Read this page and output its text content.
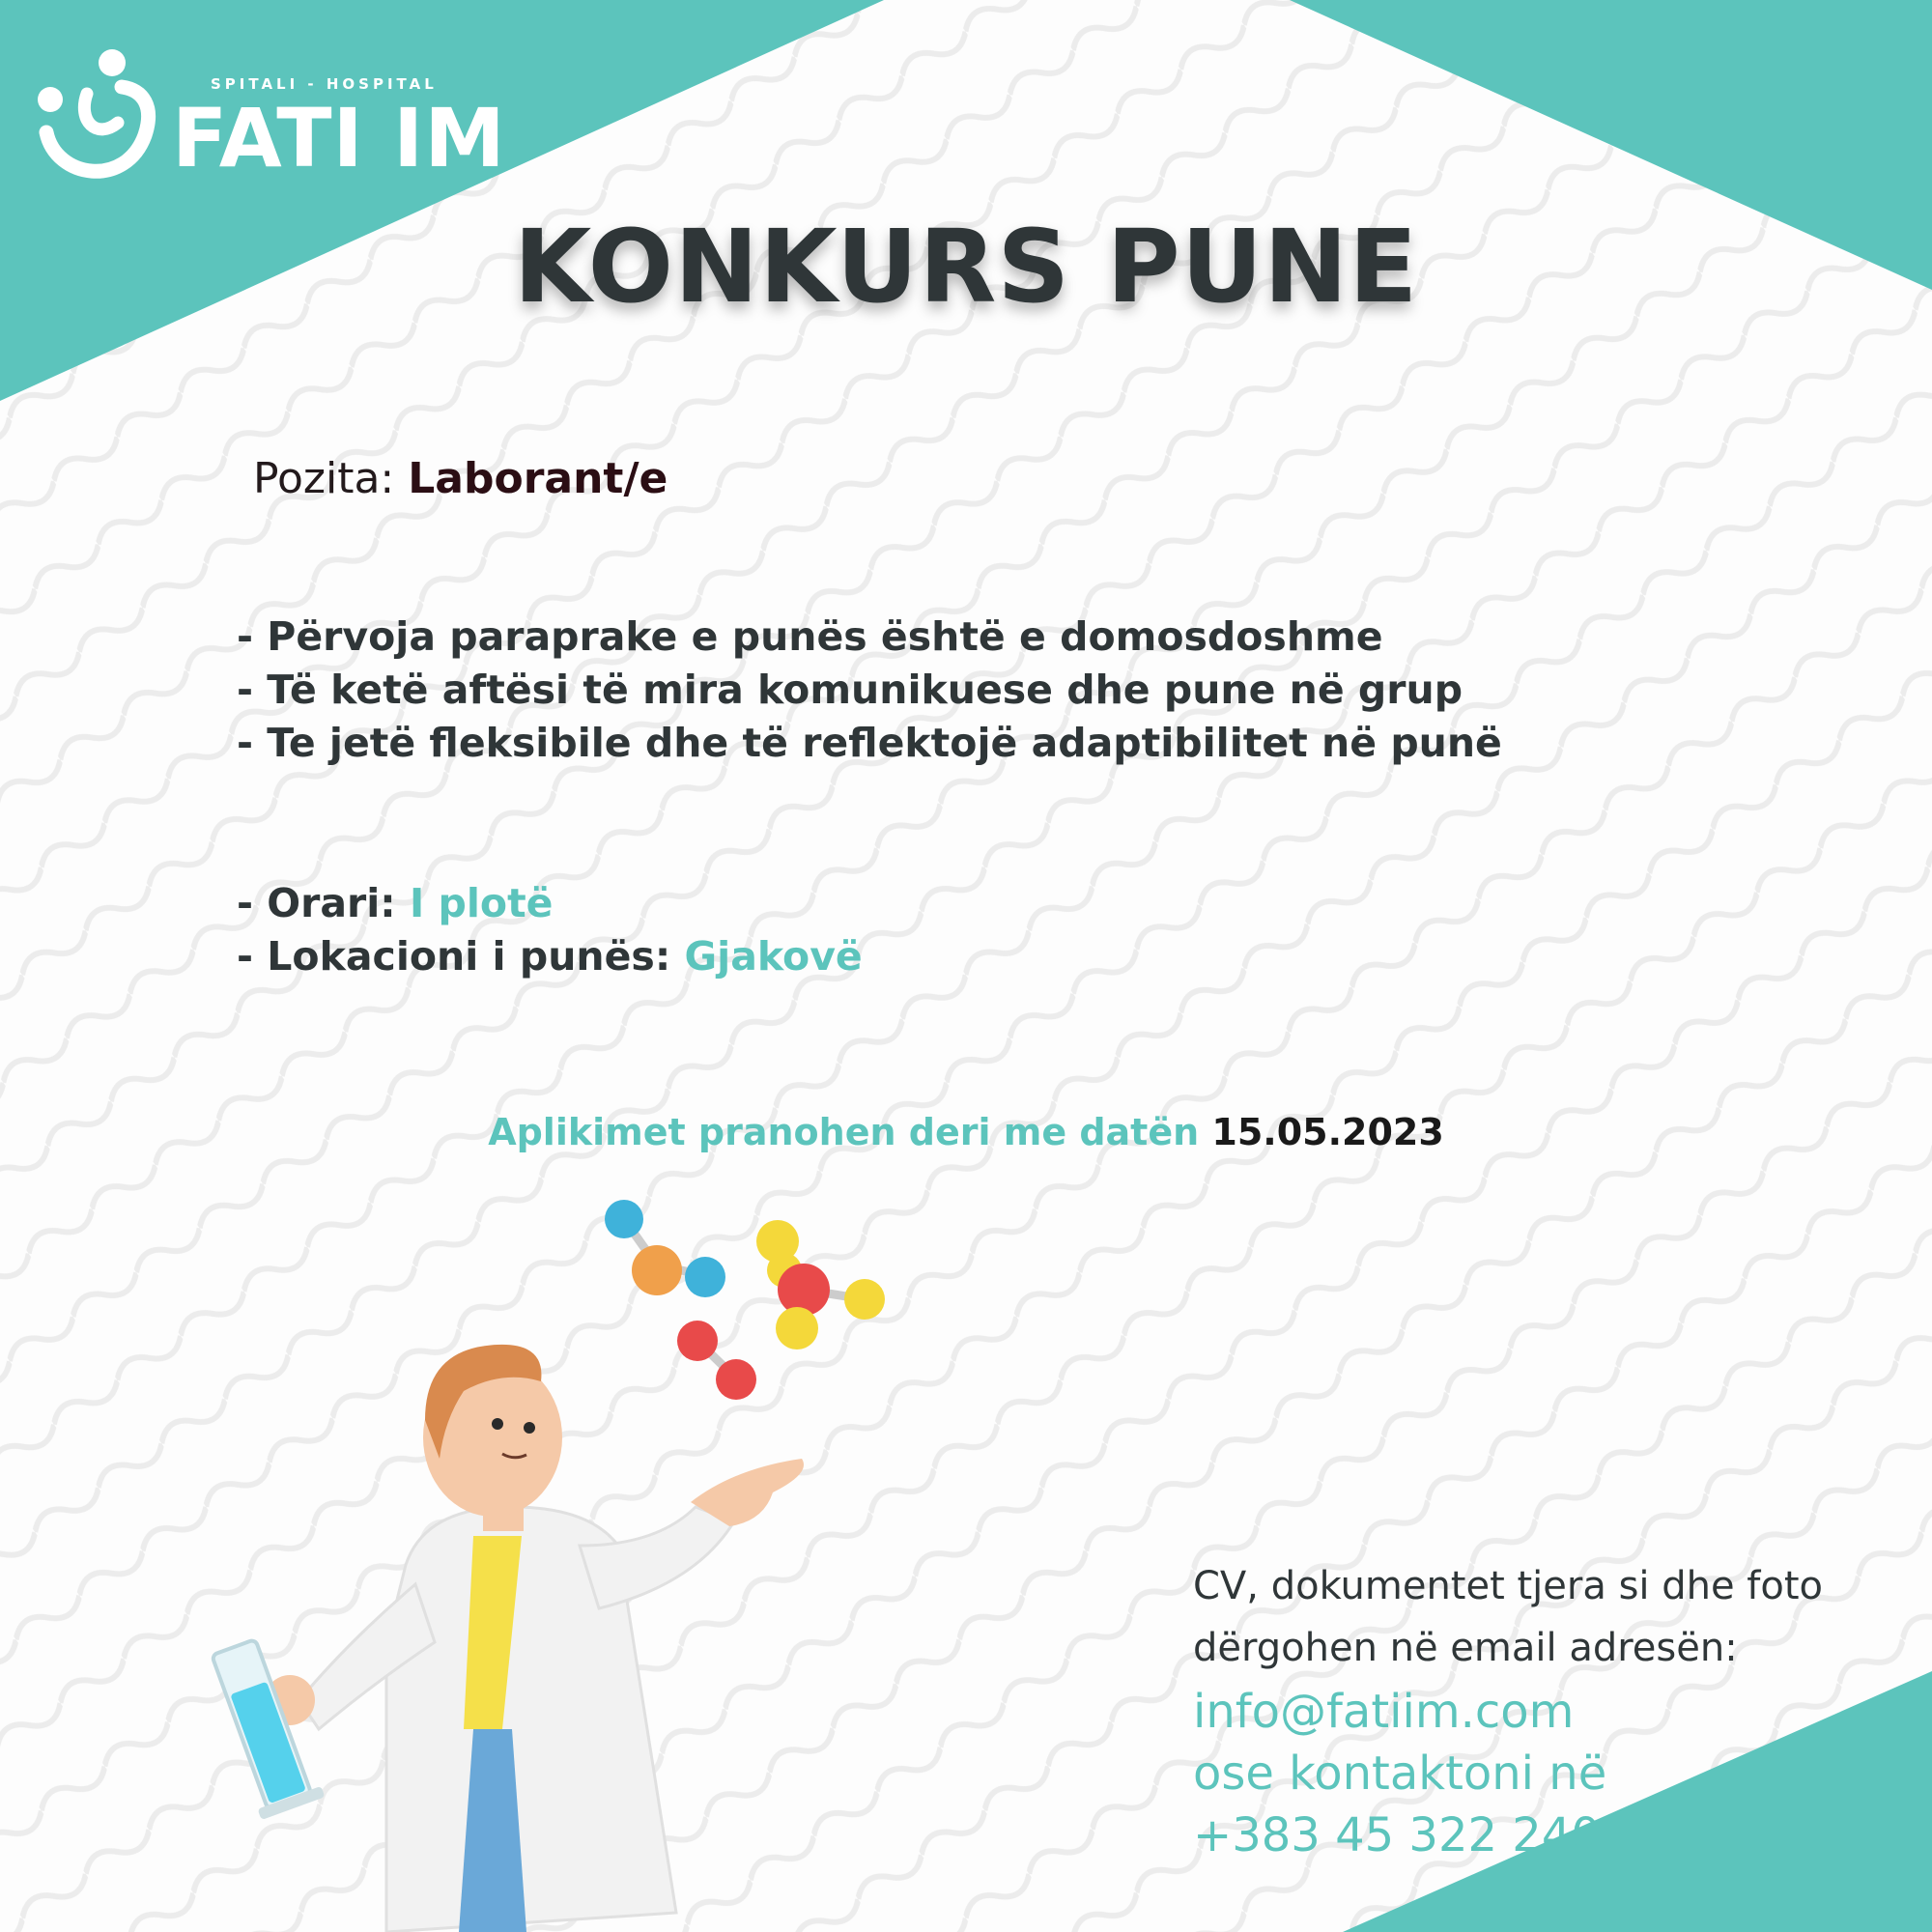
SPITALI - HOSPITAL
FATI IM
KONKURS PUNE
Pozita: Laborant/e
- Përvoja paraprake e punës është e domosdoshme
- Të ketë aftësi të mira komunikuese dhe pune në grup
- Te jetë fleksibile dhe të reflektojë adaptibilitet në punë
- Orari: I plotë
- Lokacioni i punës: Gjakovë
Aplikimet pranohen deri me datën 15.05.2023
CV, dokumentet tjera si dhe foto
dërgohen në email adresën:
info@fatiim.com
ose kontaktoni në
+383 45 322 240
